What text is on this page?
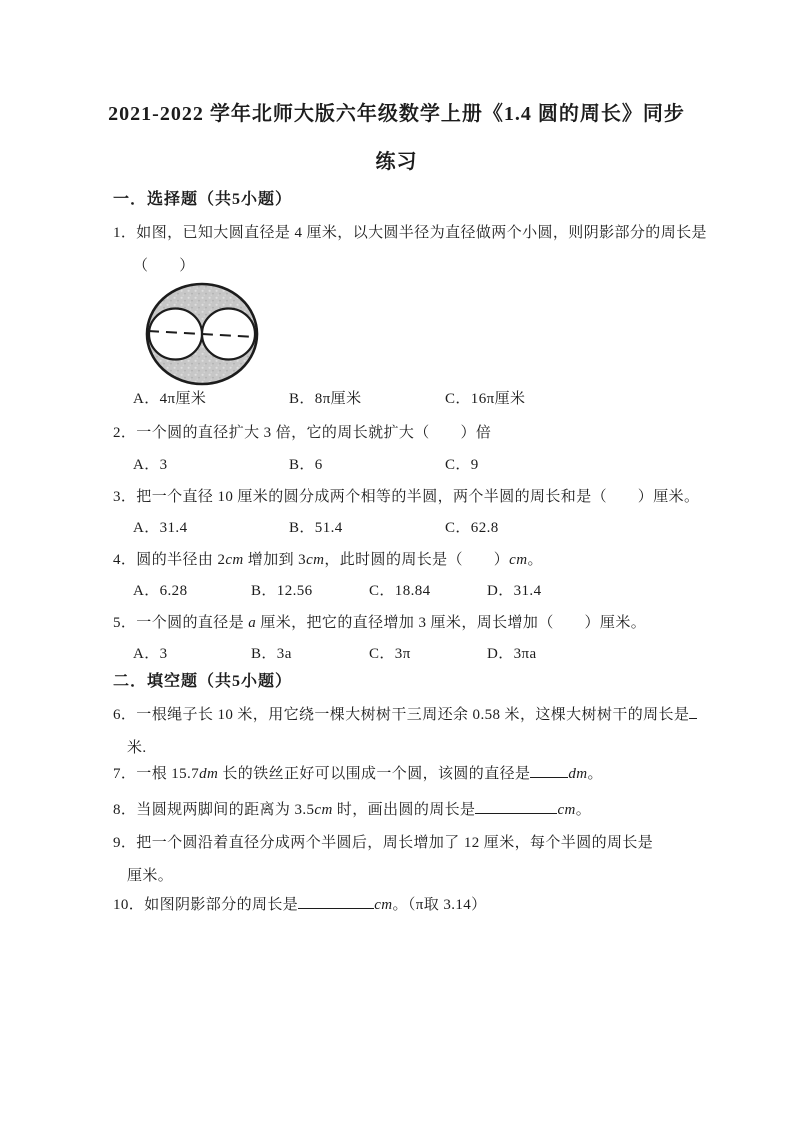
2021-2022 学年北师大版六年级数学上册《1.4 圆的周长》同步
练习
一．选择题（共5小题）
1．如图，已知大圆直径是 4 厘米，以大圆半径为直径做两个小圆，则阴影部分的周长是
（　　）
A．4π厘米	B．8π厘米	C．16π厘米
2．一个圆的直径扩大 3 倍，它的周长就扩大（　　）倍
A．3	B．6	C．9
3．把一个直径 10 厘米的圆分成两个相等的半圆，两个半圆的周长和是（　　）厘米。
A．31.4	B．51.4	C．62.8
4．圆的半径由 2cm 增加到 3cm，此时圆的周长是（　　）cm。
A．6.28	B．12.56	C．18.84	D．31.4
5．一个圆的直径是 a 厘米，把它的直径增加 3 厘米，周长增加（　　）厘米。
A．3	B．3a	C．3π	D．3πa
二．填空题（共5小题）
6．一根绳子长 10 米，用它绕一棵大树树干三周还余 0.58 米，这棵大树树干的周长是
米.
7．一根 15.7dm 长的铁丝正好可以围成一个圆，该圆的直径是	dm。
8．当圆规两脚间的距离为 3.5cm 时，画出圆的周长是	cm。
9．把一个圆沿着直径分成两个半圆后，周长增加了 12 厘米，每个半圆的周长是
厘米。
10．如图阴影部分的周长是	cm。（π取 3.14）
